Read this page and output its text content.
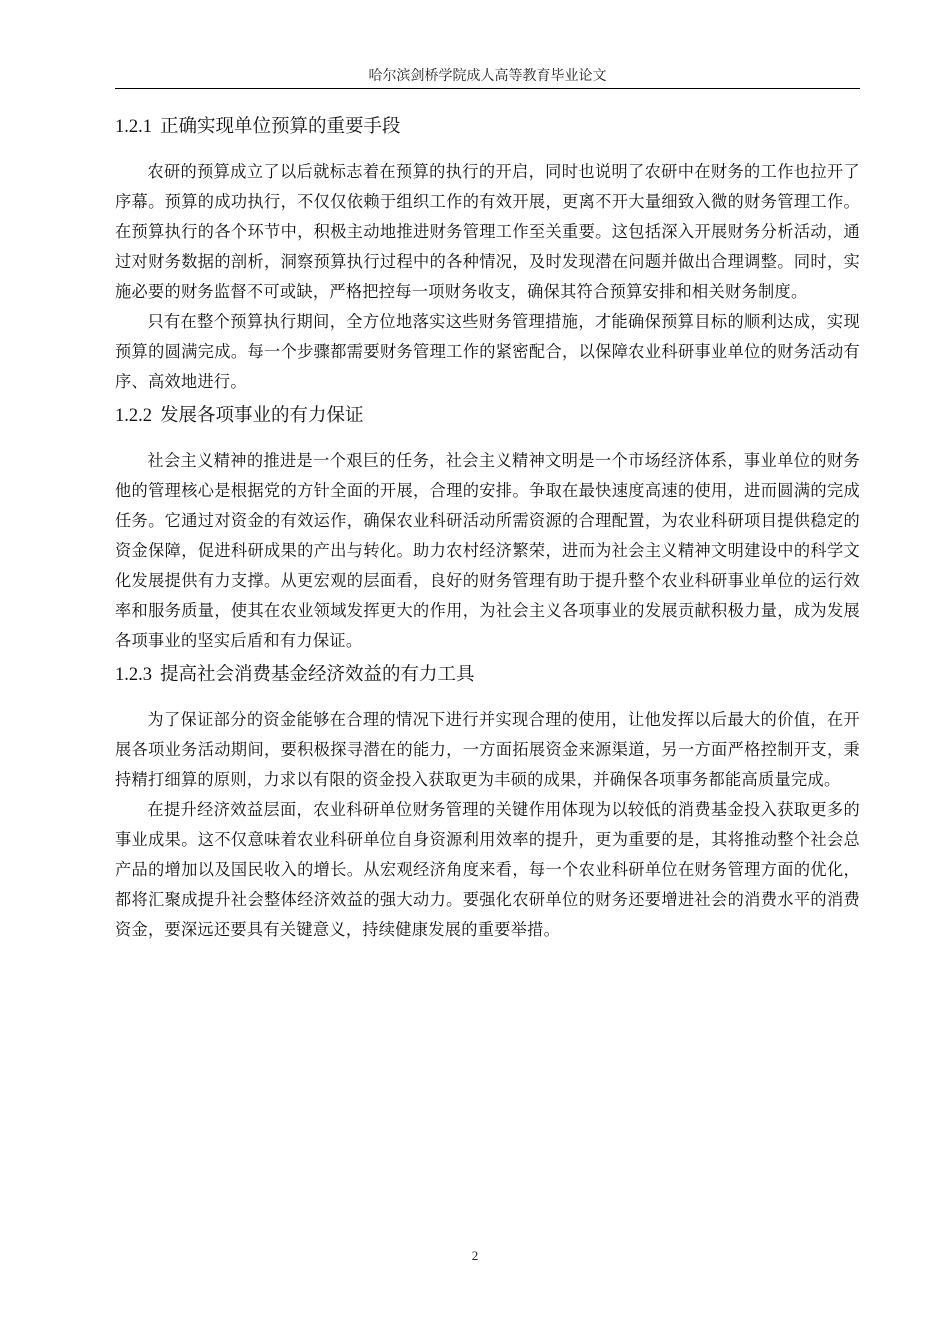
哈尔滨剑桥学院成人高等教育毕业论文
1.2.1 正确实现单位预算的重要手段

农研的预算成立了以后就标志着在预算的执行的开启，同时也说明了农研中在财务的工作也拉开了序幕。预算的成功执行，不仅仅依赖于组织工作的有效开展，更离不开大量细致入微的财务管理工作。在预算执行的各个环节中，积极主动地推进财务管理工作至关重要。这包括深入开展财务分析活动，通过对财务数据的剖析，洞察预算执行过程中的各种情况，及时发现潜在问题并做出合理调整。同时，实施必要的财务监督不可或缺，严格把控每一项财务收支，确保其符合预算安排和相关财务制度。

只有在整个预算执行期间，全方位地落实这些财务管理措施，才能确保预算目标的顺利达成，实现预算的圆满完成。每一个步骤都需要财务管理工作的紧密配合，以保障农业科研事业单位的财务活动有序、高效地进行。

1.2.2 发展各项事业的有力保证

社会主义精神的推进是一个艰巨的任务，社会主义精神文明是一个市场经济体系，事业单位的财务他的管理核心是根据党的方针全面的开展，合理的安排。争取在最快速度高速的使用，进而圆满的完成任务。它通过对资金的有效运作，确保农业科研活动所需资源的合理配置，为农业科研项目提供稳定的资金保障，促进科研成果的产出与转化。助力农村经济繁荣，进而为社会主义精神文明建设中的科学文化发展提供有力支撑。从更宏观的层面看，良好的财务管理有助于提升整个农业科研事业单位的运行效率和服务质量，使其在农业领域发挥更大的作用，为社会主义各项事业的发展贡献积极力量，成为发展各项事业的坚实后盾和有力保证。

1.2.3 提高社会消费基金经济效益的有力工具

为了保证部分的资金能够在合理的情况下进行并实现合理的使用，让他发挥以后最大的价值，在开展各项业务活动期间，要积极探寻潜在的能力，一方面拓展资金来源渠道，另一方面严格控制开支，秉持精打细算的原则，力求以有限的资金投入获取更为丰硕的成果，并确保各项事务都能高质量完成。

在提升经济效益层面，农业科研单位财务管理的关键作用体现为以较低的消费基金投入获取更多的事业成果。这不仅意味着农业科研单位自身资源利用效率的提升，更为重要的是，其将推动整个社会总产品的增加以及国民收入的增长。从宏观经济角度来看，每一个农业科研单位在财务管理方面的优化，都将汇聚成提升社会整体经济效益的强大动力。要强化农研单位的财务还要增进社会的消费水平的消费资金，要深远还要具有关键意义，持续健康发展的重要举措。

2
